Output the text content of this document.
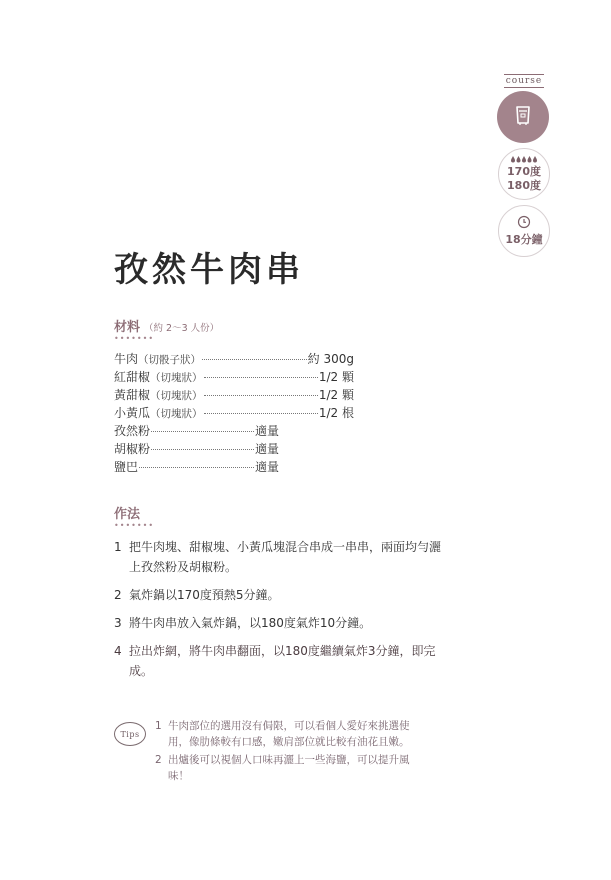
course
170度
180度
18分鐘
孜然牛肉串
材料 （約 2～3 人份）
•••••••
牛肉 （切骰子狀）	約 300g
紅甜椒 （切塊狀）	1/2 顆
黃甜椒 （切塊狀）	1/2 顆
小黃瓜 （切塊狀）	1/2 根
孜然粉	適量
胡椒粉	適量
鹽巴	適量
作法
•••••••
1 把牛肉塊、甜椒塊、小黃瓜塊混合串成一串串，兩面均勻灑上孜然粉及胡椒粉。
2 氣炸鍋以170度預熱5分鐘。
3 將牛肉串放入氣炸鍋，以180度氣炸10分鐘。
4 拉出炸網，將牛肉串翻面，以180度繼續氣炸3分鐘，即完成。
Tips
1 牛肉部位的選用沒有侷限，可以看個人愛好來挑選使用，像肋條較有口感，嫩肩部位就比較有油花且嫩。
2 出爐後可以視個人口味再灑上一些海鹽，可以提升風味！
